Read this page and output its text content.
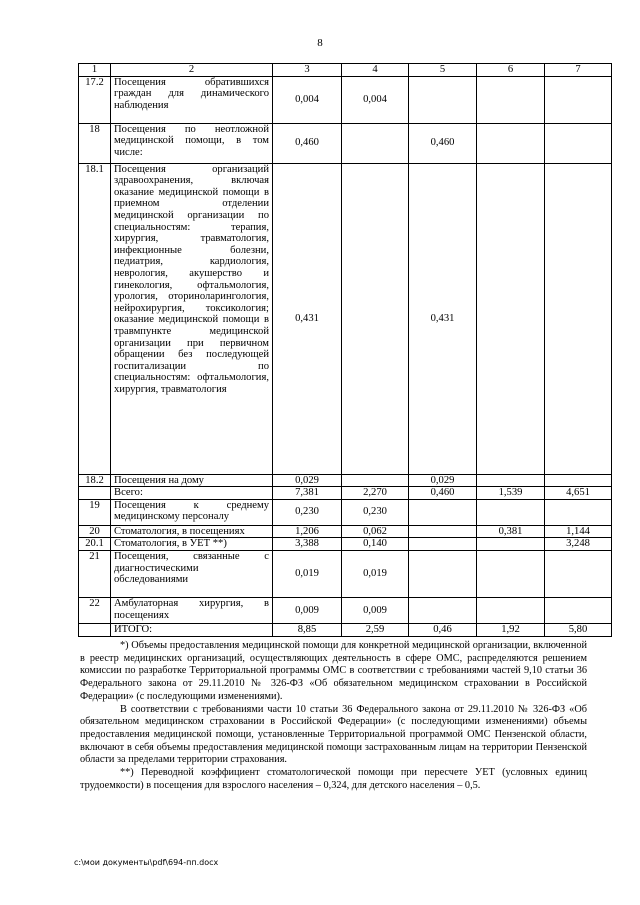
8
1	2	3	4	5	6	7
17.2	Посещения обратившихся граждан для динамического наблюдения	0,004	0,004			
18	Посещения по неотложной медицинской помощи, в том числе:	0,460		0,460		
18.1	Посещения организаций здравоохранения, включая оказание медицинской помощи в приемном отделении медицинской организации по специальностям: терапия, хирургия, травматология, инфекционные болезни, педиатрия, кардиология, неврология, акушерство и гинекология, офтальмология, урология, оториноларингология, нейрохирургия, токсикология; оказание медицинской помощи в травмпункте медицинской организации при первичном обращении без последующей госпитализации по специальностям: офтальмология, хирургия, травматология	0,431		0,431		
18.2	Посещения на дому	0,029		0,029		
	Всего:	7,381	2,270	0,460	1,539	4,651
19	Посещения к среднему медицинскому персоналу	0,230	0,230			
20	Стоматология, в посещениях	1,206	0,062		0,381	1,144
20.1	Стоматология, в УЕТ **)	3,388	0,140			3,248
21	Посещения, связанные с диагностическими обследованиями	0,019	0,019			
22	Амбулаторная хирургия, в посещениях	0,009	0,009			
	ИТОГО:	8,85	2,59	0,46	1,92	5,80

*) Объемы предоставления медицинской помощи для конкретной медицинской организации, включенной в реестр медицинских организаций, осуществляющих деятельность в сфере ОМС, распределяются решением комиссии по разработке Территориальной программы ОМС в соответствии с требованиями частей 9,10 статьи 36 Федерального закона от 29.11.2010 № 326-ФЗ «Об обязательном медицинском страховании в Российской Федерации» (с последующими изменениями).

В соответствии с требованиями части 10 статьи 36 Федерального закона от 29.11.2010 № 326-ФЗ «Об обязательном медицинском страховании в Российской Федерации» (с последующими изменениями) объемы предоставления медицинской помощи, установленные Территориальной программой ОМС Пензенской области, включают в себя объемы предоставления медицинской помощи застрахованным лицам на территории Пензенской области за пределами территории страхования.

**) Переводной коэффициент стоматологической помощи при пересчете УЕТ (условных единиц трудоемкости) в посещения для взрослого населения – 0,324, для детского населения – 0,5.

c:\мои документы\pdf\694-пп.docx
